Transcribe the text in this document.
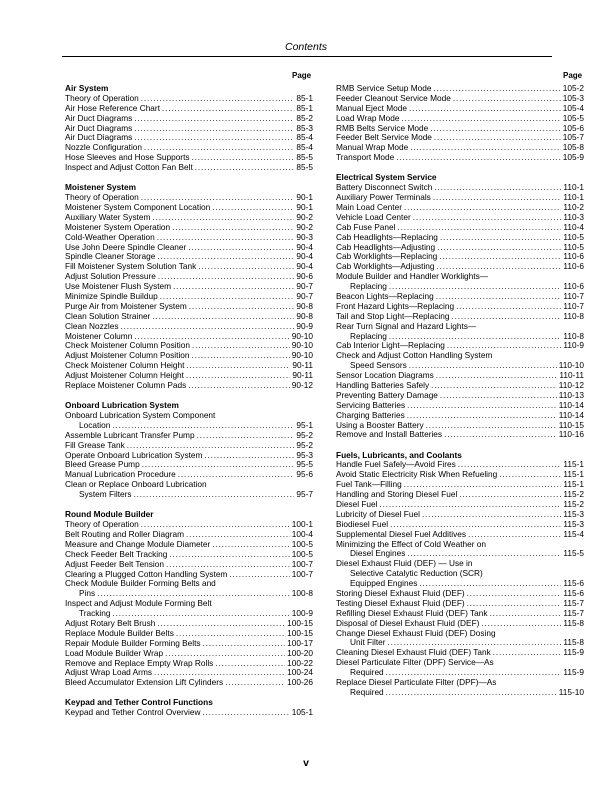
Contents
Page	Page
Air System
Theory of Operation .....	85-1
Air Hose Reference Chart .....	85-1
Air Duct Diagrams .....	85-2
Air Duct Diagrams .....	85-3
Air Duct Diagrams .....	85-4
Nozzle Configuration .....	85-4
Hose Sleeves and Hose Supports .....	85-5
Inspect and Adjust Cotton Fan Belt .....	85-5
Moistener System
Theory of Operation .....	90-1
Moistener System Component Location .....	90-1
Auxiliary Water System .....	90-2
Moistener System Operation .....	90-2
Cold-Weather Operation .....	90-3
Use John Deere Spindle Cleaner .....	90-4
Spindle Cleaner Storage .....	90-4
Fill Moistener System Solution Tank .....	90-4
Adjust Solution Pressure .....	90-6
Use Moistener Flush System .....	90-7
Minimize Spindle Buildup .....	90-7
Purge Air from Moistener System .....	90-8
Clean Solution Strainer .....	90-8
Clean Nozzles .....	90-9
Moistener Column .....	90-10
Check Moistener Column Position .....	90-10
Adjust Moistener Column Position .....	90-10
Check Moistener Column Height .....	90-11
Adjust Moistener Column Height .....	90-11
Replace Moistener Column Pads .....	90-12
Onboard Lubrication System
Onboard Lubrication System Component
Location .....	95-1
Assemble Lubricant Transfer Pump .....	95-2
Fill Grease Tank .....	95-2
Operate Onboard Lubrication System .....	95-3
Bleed Grease Pump .....	95-5
Manual Lubrication Procedure .....	95-6
Clean or Replace Onboard Lubrication
System Filters .....	95-7
Round Module Builder
Theory of Operation .....	100-1
Belt Routing and Roller Diagram .....	100-4
Measure and Change Module Diameter .....	100-5
Check Feeder Belt Tracking .....	100-5
Adjust Feeder Belt Tension .....	100-7
Clearing a Plugged Cotton Handling System .....	100-7
Check Module Builder Forming Belts and
Pins .....	100-8
Inspect and Adjust Module Forming Belt
Tracking .....	100-9
Adjust Rotary Belt Brush .....	100-15
Replace Module Builder Belts .....	100-15
Repair Module Builder Forming Belts .....	100-17
Load Module Builder Wrap .....	100-20
Remove and Replace Empty Wrap Rolls .....	100-22
Adjust Wrap Load Arms .....	100-24
Bleed Accumulator Extension Lift Cylinders .....	100-26
Keypad and Tether Control Functions
Keypad and Tether Control Overview .....	105-1
RMB Service Setup Mode .....	105-2
Feeder Cleanout Service Mode .....	105-3
Manual Eject Mode .....	105-4
Load Wrap Mode .....	105-5
RMB Belts Service Mode .....	105-6
Feeder Belt Service Mode .....	105-7
Manual Wrap Mode .....	105-8
Transport Mode .....	105-9
Electrical System Service
Battery Disconnect Switch .....	110-1
Auxiliary Power Terminals .....	110-1
Main Load Center .....	110-2
Vehicle Load Center .....	110-3
Cab Fuse Panel .....	110-4
Cab Headlights—Replacing .....	110-5
Cab Headlights—Adjusting .....	110-5
Cab Worklights—Replacing .....	110-6
Cab Worklights—Adjusting .....	110-6
Module Builder and Handler Worklights—
Replacing .....	110-6
Beacon Lights—Replacing .....	110-7
Front Hazard Lights—Replacing .....	110-7
Tail and Stop Light—Replacing .....	110-8
Rear Turn Signal and Hazard Lights—
Replacing .....	110-8
Cab Interior Light—Replacing .....	110-9
Check and Adjust Cotton Handling System
Speed Sensors .....	110-10
Sensor Location Diagrams .....	110-11
Handling Batteries Safely .....	110-12
Preventing Battery Damage .....	110-13
Servicing Batteries .....	110-14
Charging Batteries .....	110-14
Using a Booster Battery .....	110-15
Remove and Install Batteries .....	110-16
Fuels, Lubricants, and Coolants
Handle Fuel Safely—Avoid Fires .....	115-1
Avoid Static Electricity Risk When Refueling .....	115-1
Fuel Tank—Filling .....	115-1
Handling and Storing Diesel Fuel .....	115-2
Diesel Fuel .....	115-2
Lubricity of Diesel Fuel .....	115-3
Biodiesel Fuel .....	115-3
Supplemental Diesel Fuel Additives .....	115-4
Minimizing the Effect of Cold Weather on
Diesel Engines .....	115-5
Diesel Exhaust Fluid (DEF) — Use in
Selective Catalytic Reduction (SCR)
Equipped Engines .....	115-6
Storing Diesel Exhaust Fluid (DEF) .....	115-6
Testing Diesel Exhaust Fluid (DEF) .....	115-7
Refilling Diesel Exhaust Fluid (DEF) Tank .....	115-7
Disposal of Diesel Exhaust Fluid (DEF) .....	115-8
Change Diesel Exhaust Fluid (DEF) Dosing
Unit Filter .....	115-8
Cleaning Diesel Exhaust Fluid (DEF) Tank .....	115-9
Diesel Particulate Filter (DPF) Service—As
Required .....	115-9
Replace Diesel Particulate Filter (DPF)—As
Required .....	115-10
v
